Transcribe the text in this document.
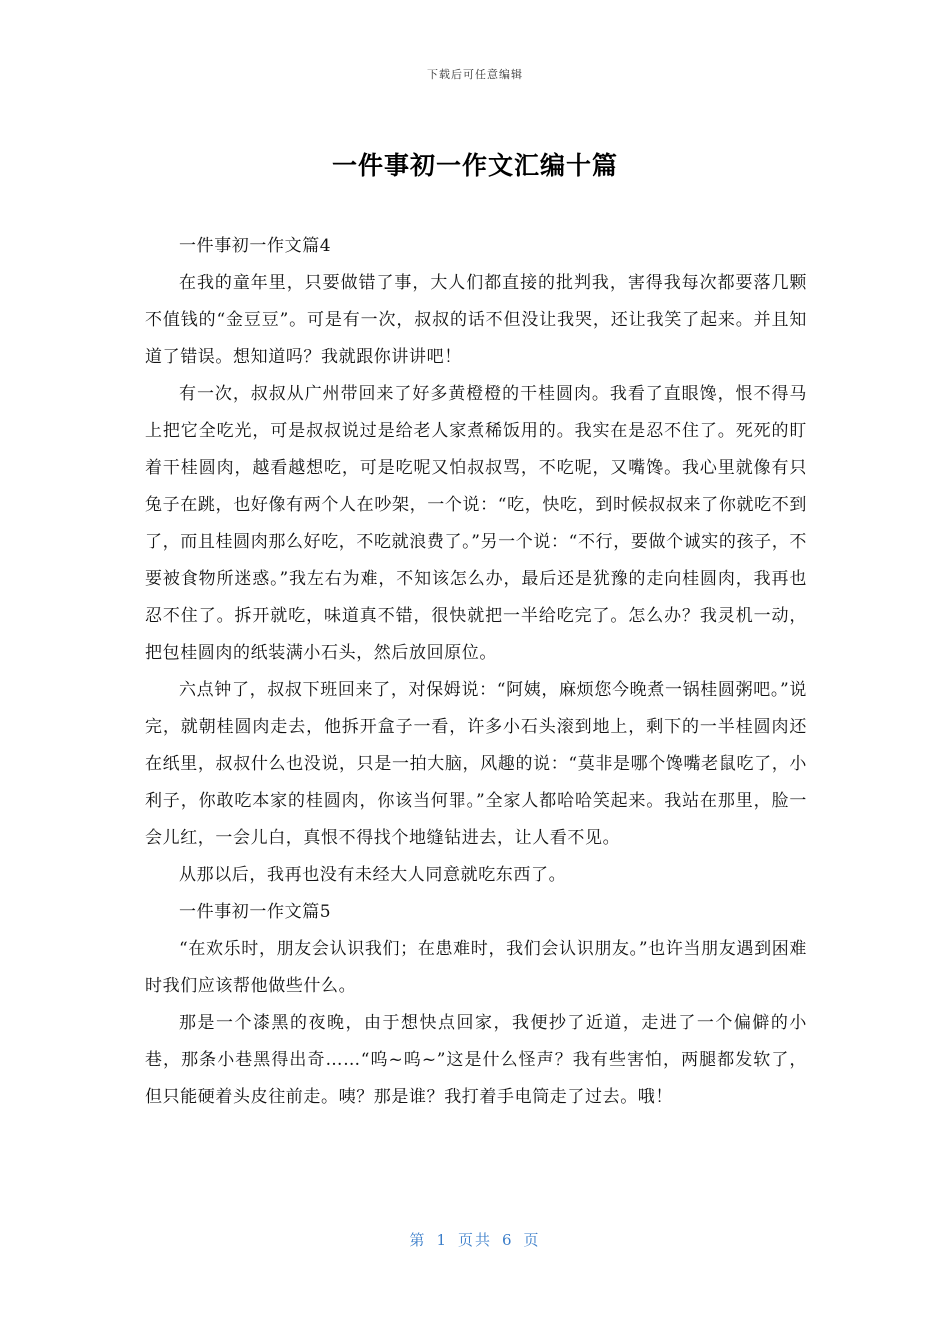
下载后可任意编辑
一件事初一作文汇编十篇

一件事初一作文篇4

在我的童年里，只要做错了事，大人们都直接的批判我，害得我每次都要落几颗不值钱的“金豆豆”。可是有一次，叔叔的话不但没让我哭，还让我笑了起来。并且知道了错误。想知道吗？我就跟你讲讲吧！

有一次，叔叔从广州带回来了好多黄橙橙的干桂圆肉。我看了直眼馋，恨不得马上把它全吃光，可是叔叔说过是给老人家煮稀饭用的。我实在是忍不住了。死死的盯着干桂圆肉，越看越想吃，可是吃呢又怕叔叔骂，不吃呢，又嘴馋。我心里就像有只兔子在跳，也好像有两个人在吵架，一个说：“吃，快吃，到时候叔叔来了你就吃不到了，而且桂圆肉那么好吃，不吃就浪费了。”另一个说：“不行，要做个诚实的孩子，不要被食物所迷惑。”我左右为难，不知该怎么办，最后还是犹豫的走向桂圆肉，我再也忍不住了。拆开就吃，味道真不错，很快就把一半给吃完了。怎么办？我灵机一动，把包桂圆肉的纸装满小石头，然后放回原位。

六点钟了，叔叔下班回来了，对保姆说：“阿姨，麻烦您今晚煮一锅桂圆粥吧。”说完，就朝桂圆肉走去，他拆开盒子一看，许多小石头滚到地上，剩下的一半桂圆肉还在纸里，叔叔什么也没说，只是一拍大脑，风趣的说：“莫非是哪个馋嘴老鼠吃了，小利子，你敢吃本家的桂圆肉，你该当何罪。”全家人都哈哈笑起来。我站在那里，脸一会儿红，一会儿白，真恨不得找个地缝钻进去，让人看不见。

从那以后，我再也没有未经大人同意就吃东西了。

一件事初一作文篇5

“在欢乐时，朋友会认识我们；在患难时，我们会认识朋友。”也许当朋友遇到困难时我们应该帮他做些什么。

那是一个漆黑的夜晚，由于想快点回家，我便抄了近道，走进了一个偏僻的小巷，那条小巷黑得出奇……“呜~呜~”这是什么怪声？我有些害怕，两腿都发软了，但只能硬着头皮往前走。咦？那是谁？我打着手电筒走了过去。哦！

第 1 页共 6 页
